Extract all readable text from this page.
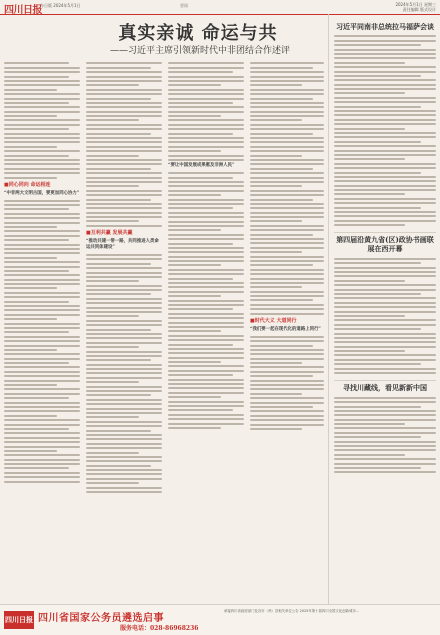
四川日报
今日版 2024年5月1日	要闻	2024年5月1日 星期三
责任编辑 版式设计
真实亲诚 命运与共
——习近平主席引领新时代中非团结合作述评
■同心同向 命运相连
“中非两大文明古国，要更加同心协力”
■互利共赢 发展共赢
“推动共建一带一路，共同推进人类命运共同体建设”
“要让中国发展成果惠及非洲人民”
■时代大义 大道同行
“我们要一起在现代化的道路上同行”
习近平同南非总统拉马福萨会谈
第四届沿黄九省(区)政协书画联展在西开幕
寻找川藏线，看见新新中国
四川日报 四川省国家公务员遴选启事
服务电话：028-86968236
承接四川省政府部门及各市（州）县相关单位公告 2025年第十届四川全国文化创新城市…
